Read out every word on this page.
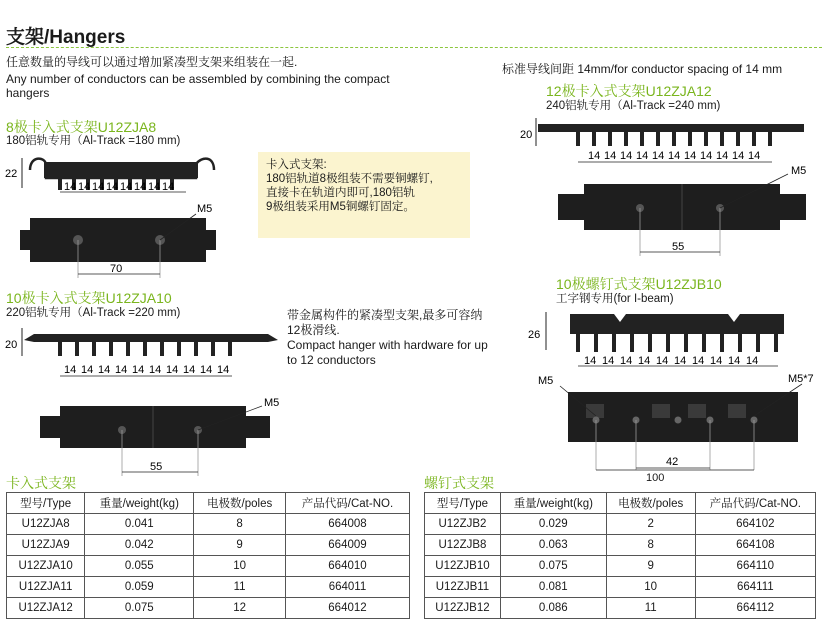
支架/Hangers
任意数量的导线可以通过增加紧凑型支架来组装在一起.
Any number of conductors can be assembled by combining the compact hangers
标准导线间距 14mm/for conductor spacing of 14 mm
8极卡入式支架U12ZJA8
180铝轨专用（Al-Track =180 mm)
22
14 14 14 14 14 14 14 14
M5
70
卡入式支架:
180铝轨道8极组装不需要铜螺钉,
直接卡在轨道内即可,180铝轨
9极组装采用M5铜螺钉固定。
10极卡入式支架U12ZJA10
220铝轨专用（Al-Track =220 mm)
20
14 14 14 14 14 14 14 14 14 14
M5
55
带金属构件的紧凑型支架,最多可容纳
12极滑线.
Compact hanger with hardware for up
to 12 conductors
12极卡入式支架U12ZJA12
240铝轨专用（Al-Track =240 mm)
20
14 14 14 14 14 14 14 14 14 14 14
M5
55
10极螺钉式支架U12ZJB10
工字钢专用(for I-beam)
26
14 14 14 14 14 14 14 14 14 14
M5	M5*7
42
100
卡入式支架
型号/Type	重量/weight(kg)	电极数/poles	产品代码/Cat-NO.
U12ZJA8	0.041	8	664008
U12ZJA9	0.042	9	664009
U12ZJA10	0.055	10	664010
U12ZJA11	0.059	11	664011
U12ZJA12	0.075	12	664012
螺钉式支架
型号/Type	重量/weight(kg)	电极数/poles	产品代码/Cat-NO.
U12ZJB2	0.029	2	664102
U12ZJB8	0.063	8	664108
U12ZJB10	0.075	9	664110
U12ZJB11	0.081	10	664111
U12ZJB12	0.086	11	664112
